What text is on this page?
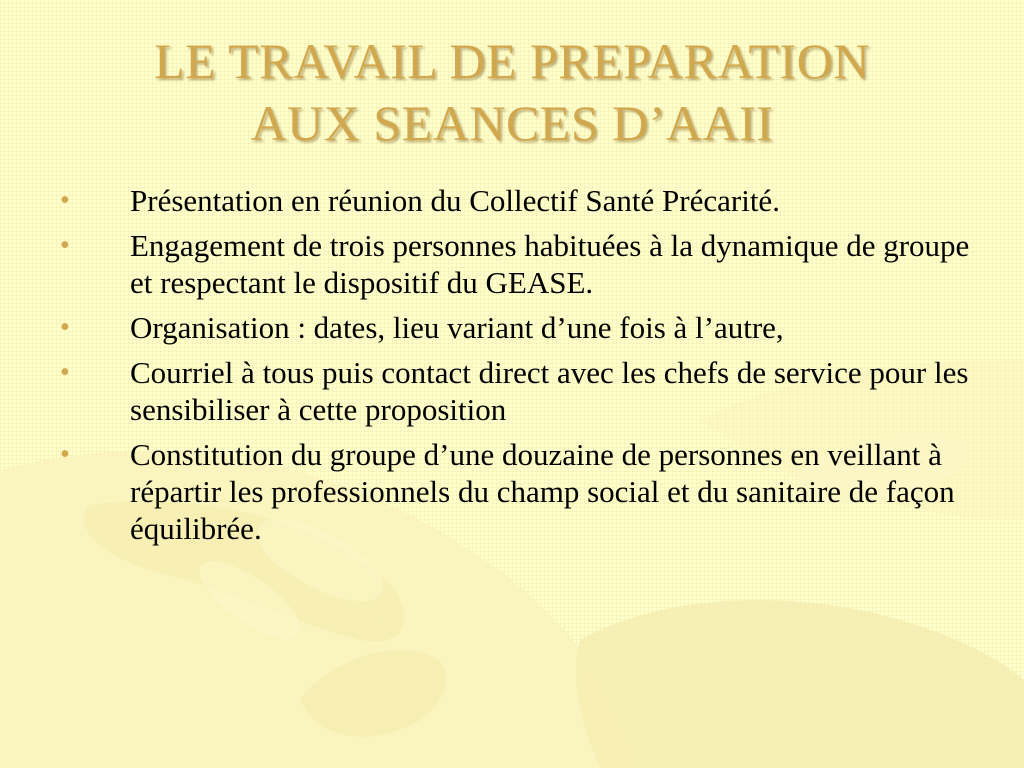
LE TRAVAIL DE PREPARATION
AUX SEANCES D’AAII
• Présentation en réunion du Collectif Santé Précarité.
• Engagement de trois personnes habituées à la dynamique de groupe et respectant le dispositif du GEASE.
• Organisation : dates, lieu variant d’une fois à l’autre,
• Courriel à tous puis contact direct avec les chefs de service pour les sensibiliser à cette proposition
• Constitution du groupe d’une douzaine de personnes en veillant à répartir les professionnels du champ social et du sanitaire de façon équilibrée.
